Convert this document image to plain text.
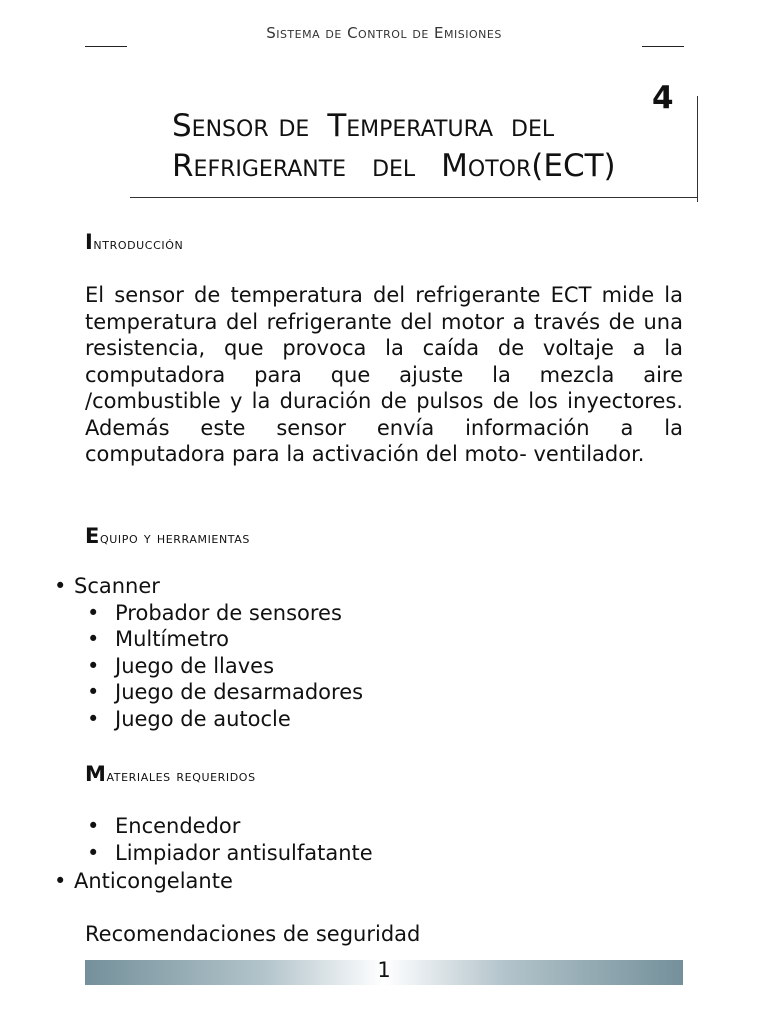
Sistema de Control de Emisiones
4
Sensor de Temperatura del
Refrigerante del Motor(ECT)
Introducción

El sensor de temperatura del refrigerante ECT mide la temperatura del refrigerante del motor a través de una resistencia, que provoca la caída de voltaje a la computadora para que ajuste la mezcla aire /combustible y la duración de pulsos de los inyectores. Además este sensor envía información a la computadora para la activación del moto- ventilador.

Equipo y herramientas
• Scanner
• Probador de sensores
• Multímetro
• Juego de llaves
• Juego de desarmadores
• Juego de autocle
Materiales requeridos
• Encendedor
• Limpiador antisulfatante
• Anticongelante
Recomendaciones de seguridad
1
